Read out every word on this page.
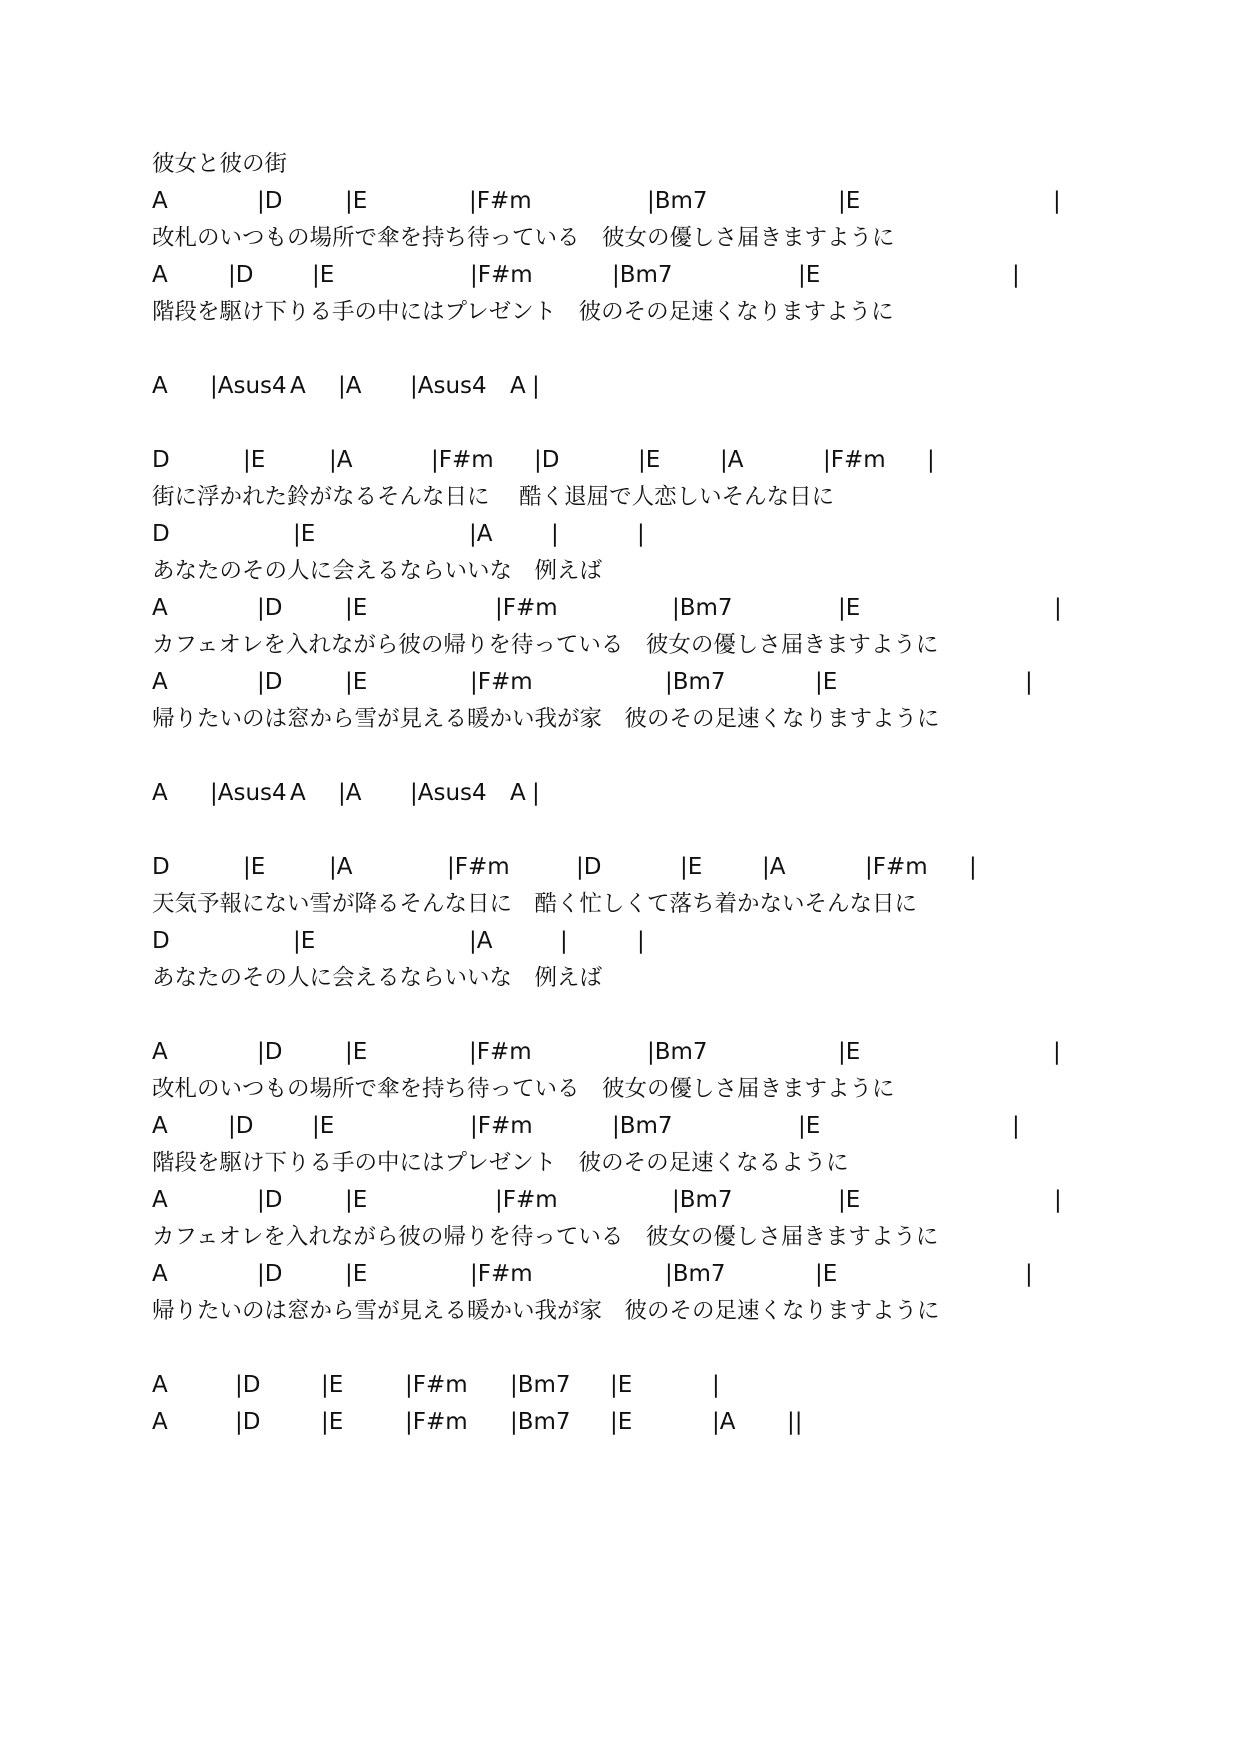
彼女と彼の街
A	|D	|E	|F#m	|Bm7	|E	|
改札のいつもの場所で傘を持ち待っている　彼女の優しさ届きますように
A	|D	|E	|F#m	|Bm7	|E	|
階段を駆け下りる手の中にはプレゼント　彼のその足速くなりますように
A |Asus4 A |A |Asus4 A |
D	|E	|A	|F#m |D	|E	|A	|F#m |
街に浮かれた鈴がなるそんな日に　 酷く退屈で人恋しいそんな日に
D	|E	|A	|	|
あなたのその人に会えるならいいな　例えば
A	|D	|E	|F#m	|Bm7	|E	|
カフェオレを入れながら彼の帰りを待っている　彼女の優しさ届きますように
A	|D	|E	|F#m	|Bm7	|E	|
帰りたいのは窓から雪が見える暖かい我が家　彼のその足速くなりますように
A |Asus4 A |A |Asus4 A |
D	|E	|A	|F#m	|D	|E	|A	|F#m |
天気予報にない雪が降るそんな日に　酷く忙しくて落ち着かないそんな日に
D	|E	|A	|	|
あなたのその人に会えるならいいな　例えば
A	|D	|E	|F#m	|Bm7	|E	|
改札のいつもの場所で傘を持ち待っている　彼女の優しさ届きますように
A	|D	|E	|F#m	|Bm7	|E	|
階段を駆け下りる手の中にはプレゼント　彼のその足速くなるように
A	|D	|E	|F#m	|Bm7	|E	|
カフェオレを入れながら彼の帰りを待っている　彼女の優しさ届きますように
A	|D	|E	|F#m	|Bm7	|E	|
帰りたいのは窓から雪が見える暖かい我が家　彼のその足速くなりますように
A	|D	|E	|F#m |Bm7 |E	|
A	|D	|E	|F#m |Bm7 |E	|A ||
